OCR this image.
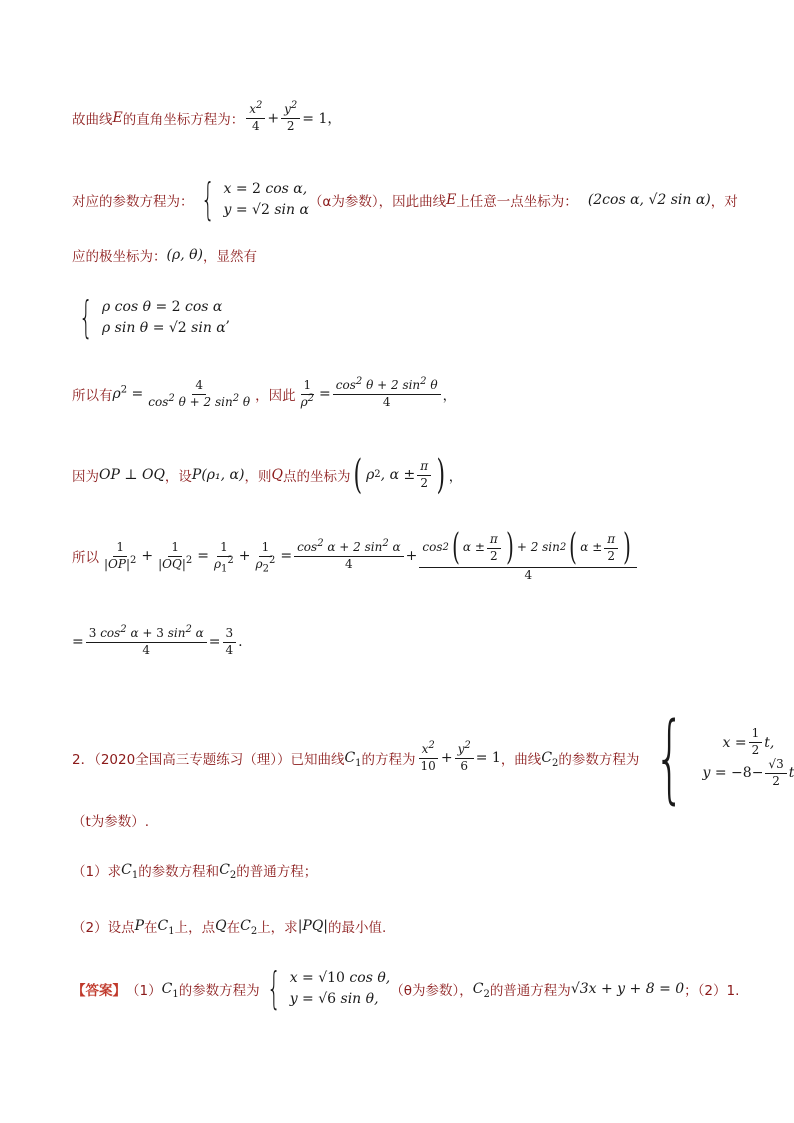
故曲线 E 的直角坐标方程为： $\frac{x^2}{4} + \frac{y^2}{2} = 1$，
对应的参数方程为： { x = 2 cos α,
y = √2 sin α （α为参数），因此曲线 E 上任意一点坐标为： (2cos α, √2 sin α) ，对
应的极坐标为： (ρ, θ) ，显然有
{ ρ cos θ = 2 cos α
ρ sin θ = √2 sin α
,
所以有 $\rho^2 = \frac{4}{\cos^2 \theta + 2 \sin^2 \theta}$ ，因此 $\frac{1}{\rho^2} = \frac{\cos^2 \theta + 2 \sin^2 \theta}{4}$ ，
因为 OP ⊥ OQ ，设 P(ρ₁, α) ，则 Q 点的坐标为 ( ρ 2 , $\alpha \pm \frac{\pi}{2}$ ) ，
所以 $\frac{1}{|OP|^2} + \frac{1}{|OQ|^2} = \frac{1}{\rho_1^2} + \frac{1}{\rho_2^2} = \frac{\cos^2 \alpha + 2 \sin^2 \alpha}{4} + \frac{\cos 2 ( \alpha \pm \frac{\pi}{2} ) + 2 \sin 2 ( \alpha \pm \frac{\pi}{2} )}{4}$
= $\frac{3 \cos^2 \alpha + 3 \sin^2 \alpha}{4} = \frac{3}{4}$ .
2．（2020全国高三专题练习（理））已知曲线 $C_1$ 的方程为 $\frac{x^2}{10} + \frac{y^2}{6} = 1$ ，曲线 $C_2$ 的参数方程为 {	$x = \frac{1}{2} t$,
y = − $8 - \frac{√3}{2}$ t
（t为参数）.
（1）求 $C_1$ 的参数方程和 $C_2$ 的普通方程；
（2）设点 P 在 $C_1$ 上，点 Q 在 $C_2$ 上，求 |PQ| 的最小值.
【答案】 （1） $C_1$ 的参数方程为 { x = √10 cos θ,
y = √6 sin θ, （θ为参数）， $C_2$ 的普通方程为 √3x + y + 8 = 0 ；（2）1.
